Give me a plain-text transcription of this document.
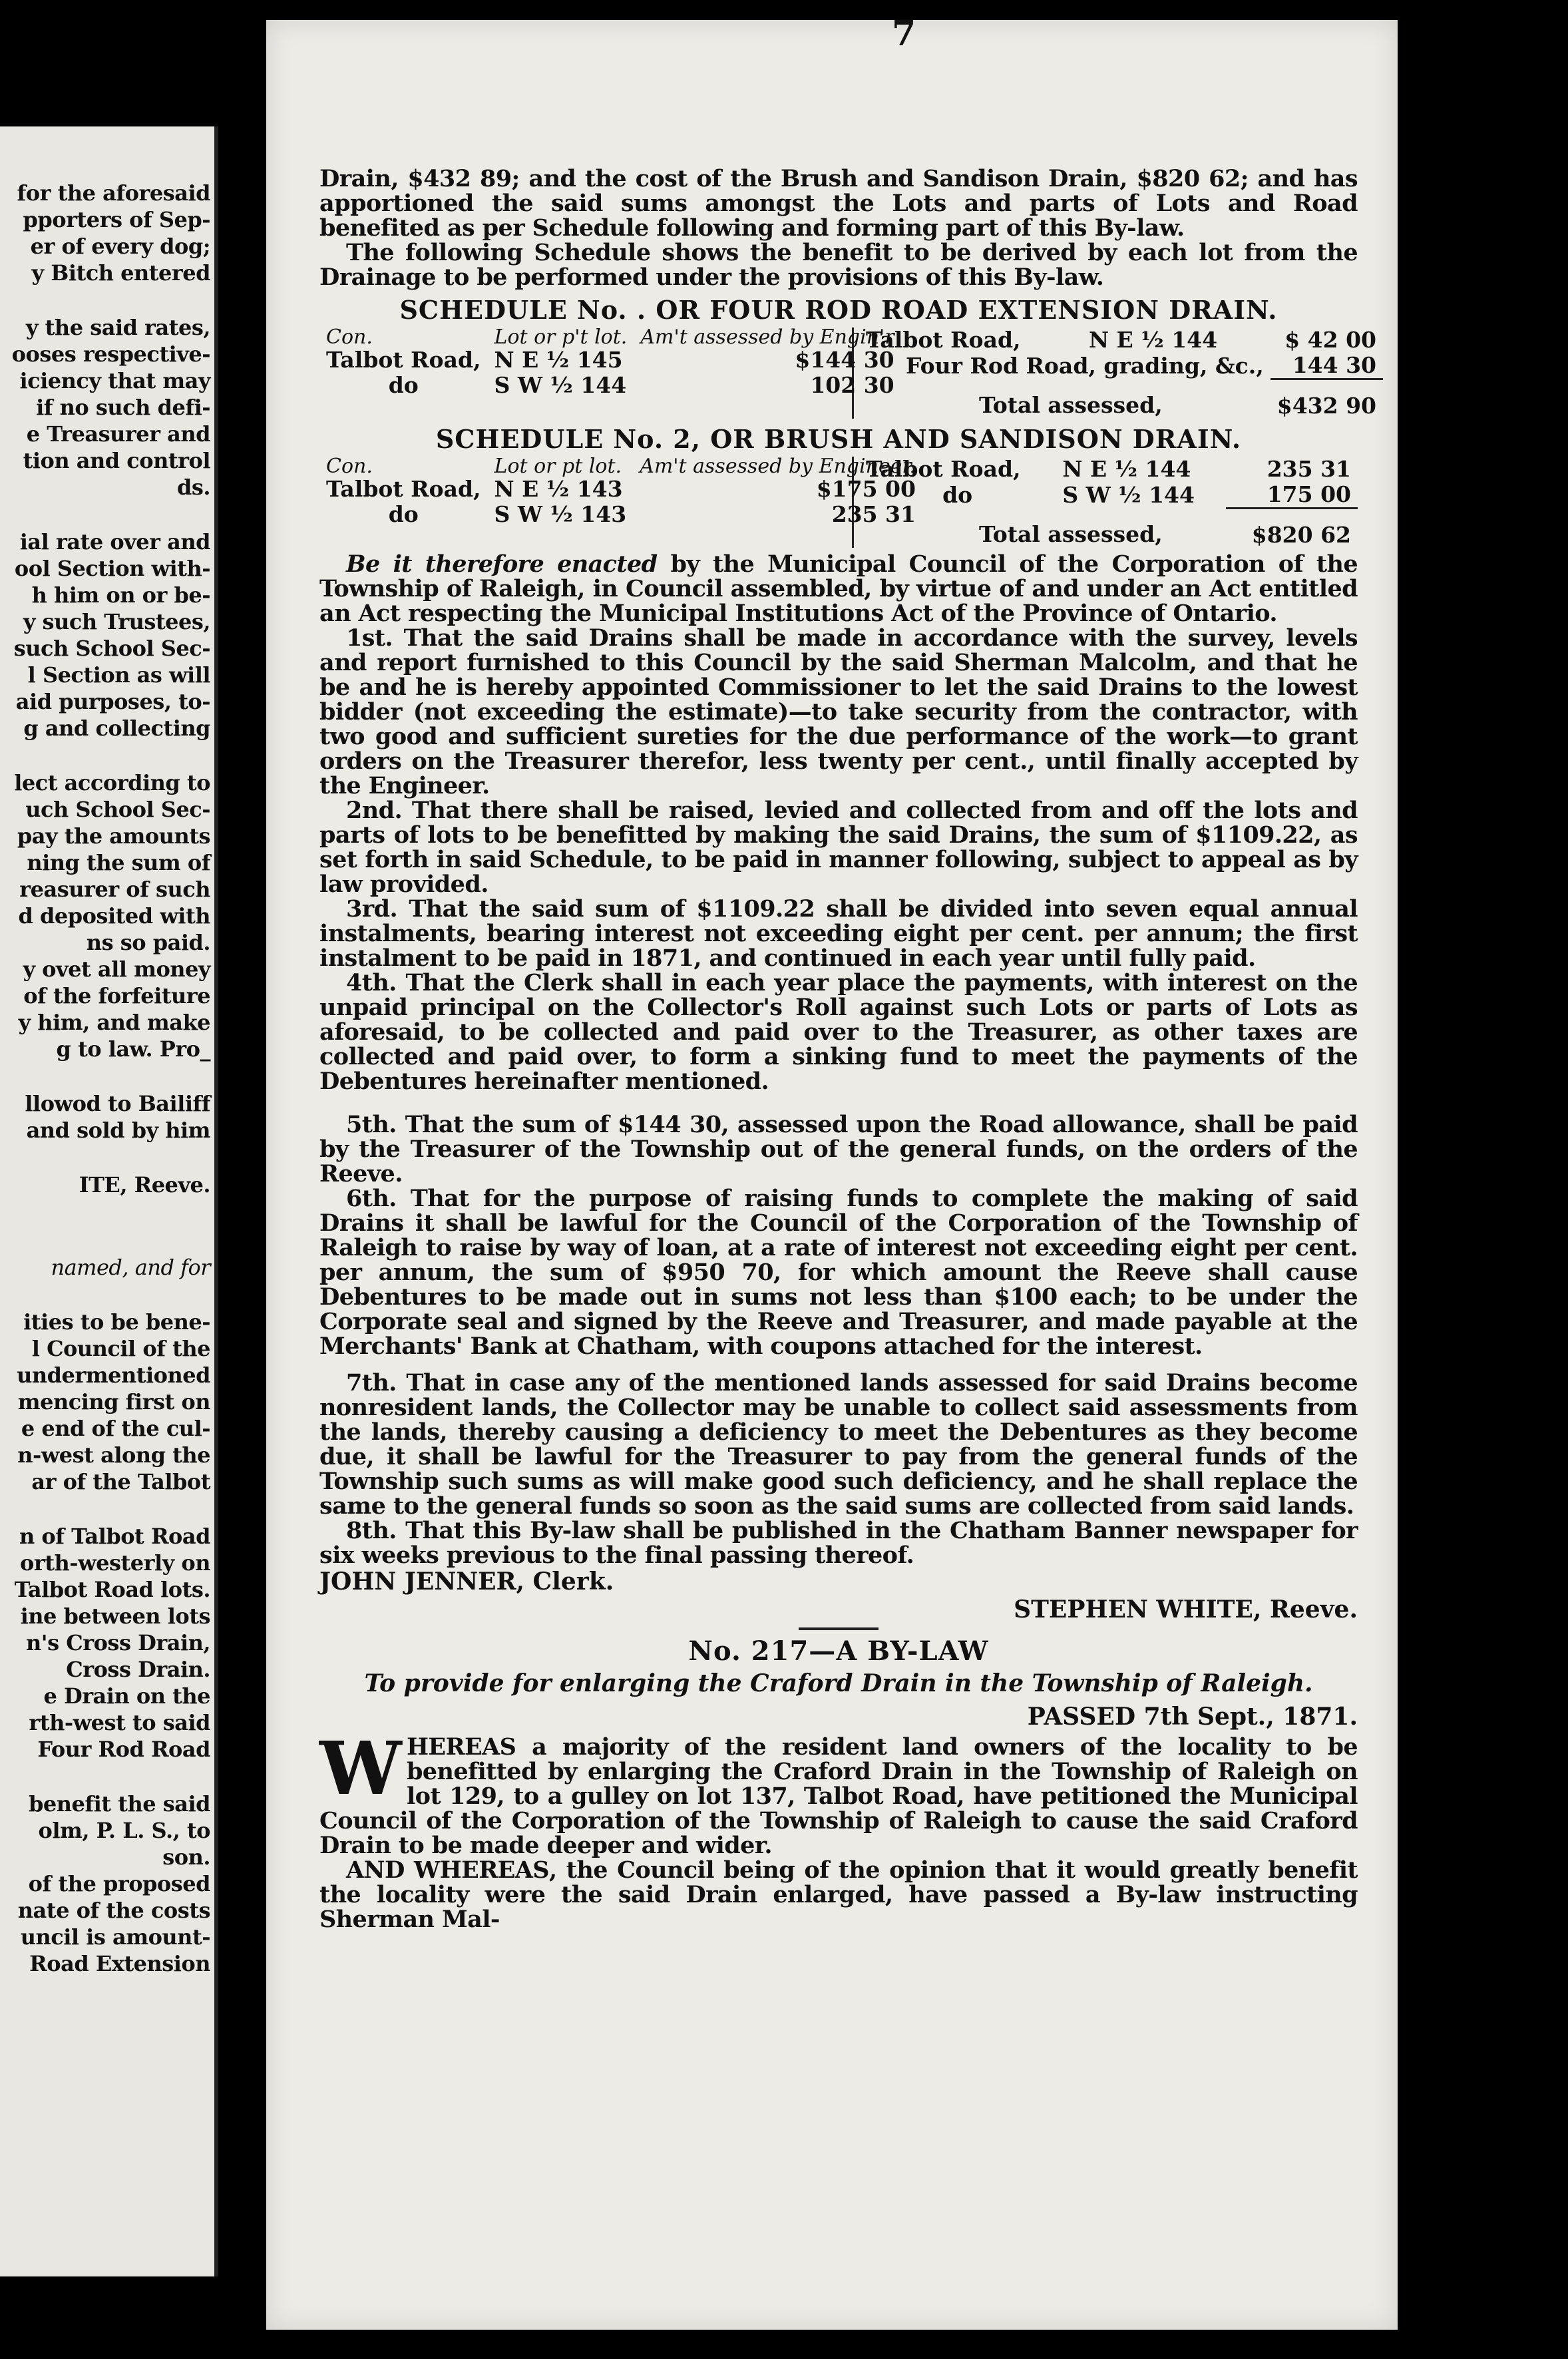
for the aforesaid
pporters of Sep-
er of every dog;
y Bitch entered
y the said rates,
ooses respective-
iciency that may
if no such defi-
e Treasurer and
tion and control
ds.
ial rate over and
ool Section with-
h him on or be-
y such Trustees,
such School Sec-
l Section as will
aid purposes, to-
g and collecting
lect according to
uch School Sec-
pay the amounts
ning the sum of
reasurer of such
d deposited with
ns so paid.
y ovet all money
of the forfeiture
y him, and make
g to law. Pro_
llowod to Bailiff
and sold by him
ITE, Reeve.
named, and for
ities to be bene-
l Council of the
undermentioned
mencing first on
e end of the cul-
n-west along the
ar of the Talbot
n of Talbot Road
orth-westerly on
Talbot Road lots.
ine between lots
n's Cross Drain,
Cross Drain.
e Drain on the
rth-west to said
Four Rod Road
benefit the said
olm, P. L. S., to
son.
of the proposed
nate of the costs
uncil is amount-
Road Extension
7

Drain, $432 89; and the cost of the Brush and Sandison Drain, $820 62; and has apportioned the said sums amongst the Lots and parts of Lots and Road benefited as per Schedule following and forming part of this By-law.

The following Schedule shows the benefit to be derived by each lot from the Drainage to be performed under the provisions of this By-law.

SCHEDULE No. . OR FOUR ROD ROAD EXTENSION DRAIN.
Con.	Lot or p't lot.	Am't assessed by Engin'r
Talbot Road,	N E ½ 145	$144 30
do	S W ½ 144	102 30
Talbot Road,	N E ½ 144	$ 42 00
Four Rod Road, grading, &c.,		144 30
Total assessed,		$432 90
SCHEDULE No. 2, OR BRUSH AND SANDISON DRAIN.
Con.	Lot or pt lot.	Am't assessed by Engineer.
Talbot Road,	N E ½ 143	$175 00
do	S W ½ 143	235 31
Talbot Road,	N E ½ 144	235 31
do	S W ½ 144	175 00
Total assessed,		$820 62

Be it therefore enacted by the Municipal Council of the Corporation of the Township of Raleigh, in Council assembled, by virtue of and under an Act entitled an Act respecting the Municipal Institutions Act of the Province of Ontario.

1st. That the said Drains shall be made in accordance with the survey, levels and report furnished to this Council by the said Sherman Malcolm, and that he be and he is hereby appointed Commissioner to let the said Drains to the lowest bidder (not exceeding the estimate)—to take security from the contractor, with two good and sufficient sureties for the due performance of the work—to grant orders on the Treasurer therefor, less twenty per cent., until finally accepted by the Engineer.

2nd. That there shall be raised, levied and collected from and off the lots and parts of lots to be benefitted by making the said Drains, the sum of $1109.22, as set forth in said Schedule, to be paid in manner following, subject to appeal as by law provided.

3rd. That the said sum of $1109.22 shall be divided into seven equal annual instalments, bearing interest not exceeding eight per cent. per annum; the first instalment to be paid in 1871, and continued in each year until fully paid.

4th. That the Clerk shall in each year place the payments, with interest on the unpaid principal on the Collector's Roll against such Lots or parts of Lots as aforesaid, to be collected and paid over to the Treasurer, as other taxes are collected and paid over, to form a sinking fund to meet the payments of the Debentures hereinafter mentioned.

5th. That the sum of $144 30, assessed upon the Road allowance, shall be paid by the Treasurer of the Township out of the general funds, on the orders of the Reeve.

6th. That for the purpose of raising funds to complete the making of said Drains it shall be lawful for the Council of the Corporation of the Township of Raleigh to raise by way of loan, at a rate of interest not exceeding eight per cent. per annum, the sum of $950 70, for which amount the Reeve shall cause Debentures to be made out in sums not less than $100 each; to be under the Corporate seal and signed by the Reeve and Treasurer, and made payable at the Merchants' Bank at Chatham, with coupons attached for the interest.

7th. That in case any of the mentioned lands assessed for said Drains become nonresident lands, the Collector may be unable to collect said assessments from the lands, thereby causing a deficiency to meet the Debentures as they become due, it shall be lawful for the Treasurer to pay from the general funds of the Township such sums as will make good such deficiency, and he shall replace the same to the general funds so soon as the said sums are collected from said lands.

8th. That this By-law shall be published in the Chatham Banner newspaper for six weeks previous to the final passing thereof.

JOHN JENNER, Clerk.
STEPHEN WHITE, Reeve.
No. 217—A BY-LAW
To provide for enlarging the Craford Drain in the Township of Raleigh.
PASSED 7th Sept., 1871.

WHEREAS a majority of the resident land owners of the locality to be benefitted by enlarging the Craford Drain in the Township of Raleigh on lot 129, to a gulley on lot 137, Talbot Road, have petitioned the Municipal Council of the Corporation of the Township of Raleigh to cause the said Craford Drain to be made deeper and wider.

AND WHEREAS, the Council being of the opinion that it would greatly benefit the locality were the said Drain enlarged, have passed a By-law instructing Sherman Mal-
